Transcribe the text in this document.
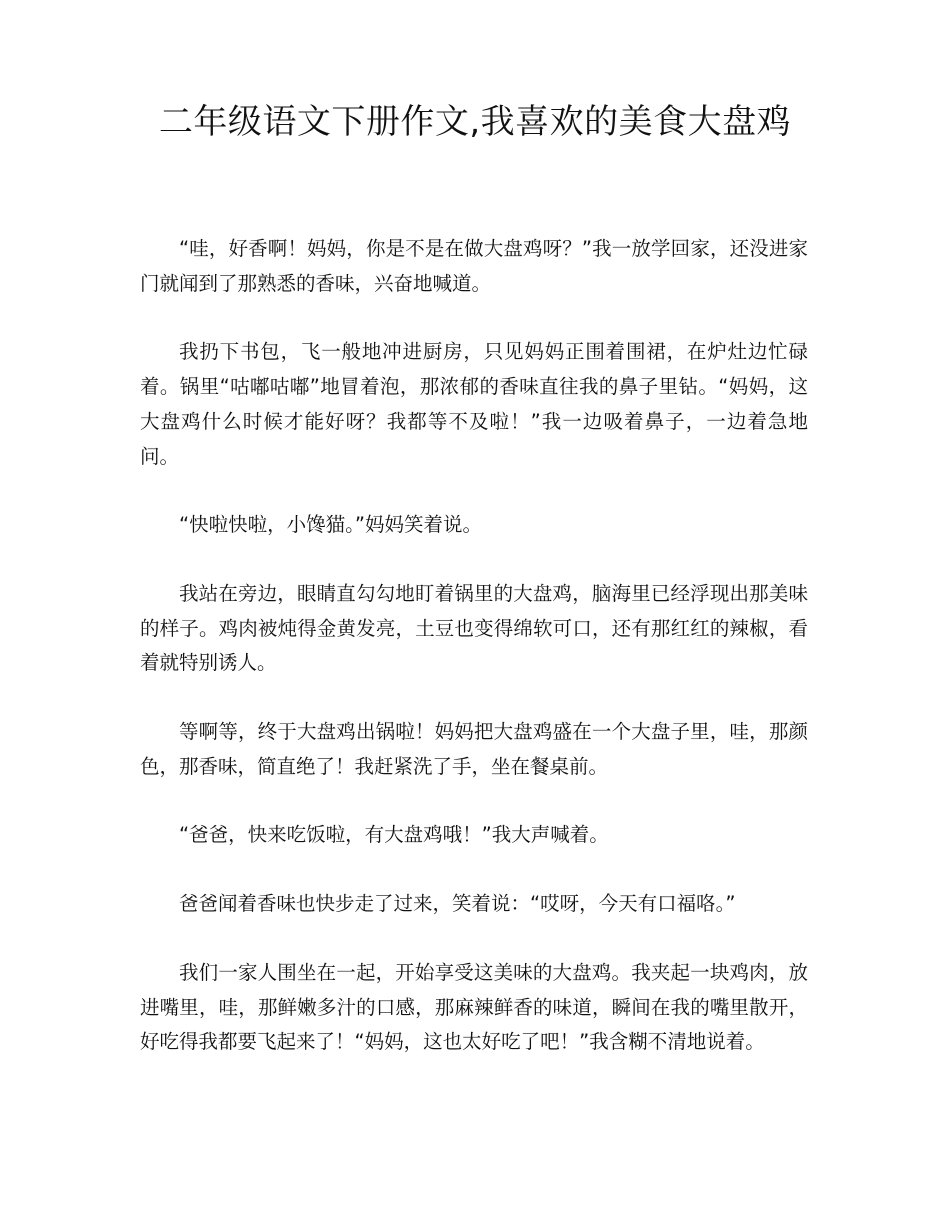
二年级语文下册作文,我喜欢的美食大盘鸡

“哇，好香啊！妈妈，你是不是在做大盘鸡呀？”我一放学回家，还没进家门就闻到了那熟悉的香味，兴奋地喊道。

我扔下书包，飞一般地冲进厨房，只见妈妈正围着围裙，在炉灶边忙碌着。锅里“咕嘟咕嘟”地冒着泡，那浓郁的香味直往我的鼻子里钻。“妈妈，这大盘鸡什么时候才能好呀？我都等不及啦！”我一边吸着鼻子，一边着急地问。

“快啦快啦，小馋猫。”妈妈笑着说。

我站在旁边，眼睛直勾勾地盯着锅里的大盘鸡，脑海里已经浮现出那美味的样子。鸡肉被炖得金黄发亮，土豆也变得绵软可口，还有那红红的辣椒，看着就特别诱人。

等啊等，终于大盘鸡出锅啦！妈妈把大盘鸡盛在一个大盘子里，哇，那颜色，那香味，简直绝了！我赶紧洗了手，坐在餐桌前。

“爸爸，快来吃饭啦，有大盘鸡哦！”我大声喊着。

爸爸闻着香味也快步走了过来，笑着说：“哎呀，今天有口福咯。”

我们一家人围坐在一起，开始享受这美味的大盘鸡。我夹起一块鸡肉，放进嘴里，哇，那鲜嫩多汁的口感，那麻辣鲜香的味道，瞬间在我的嘴里散开，好吃得我都要飞起来了！“妈妈，这也太好吃了吧！”我含糊不清地说着。
